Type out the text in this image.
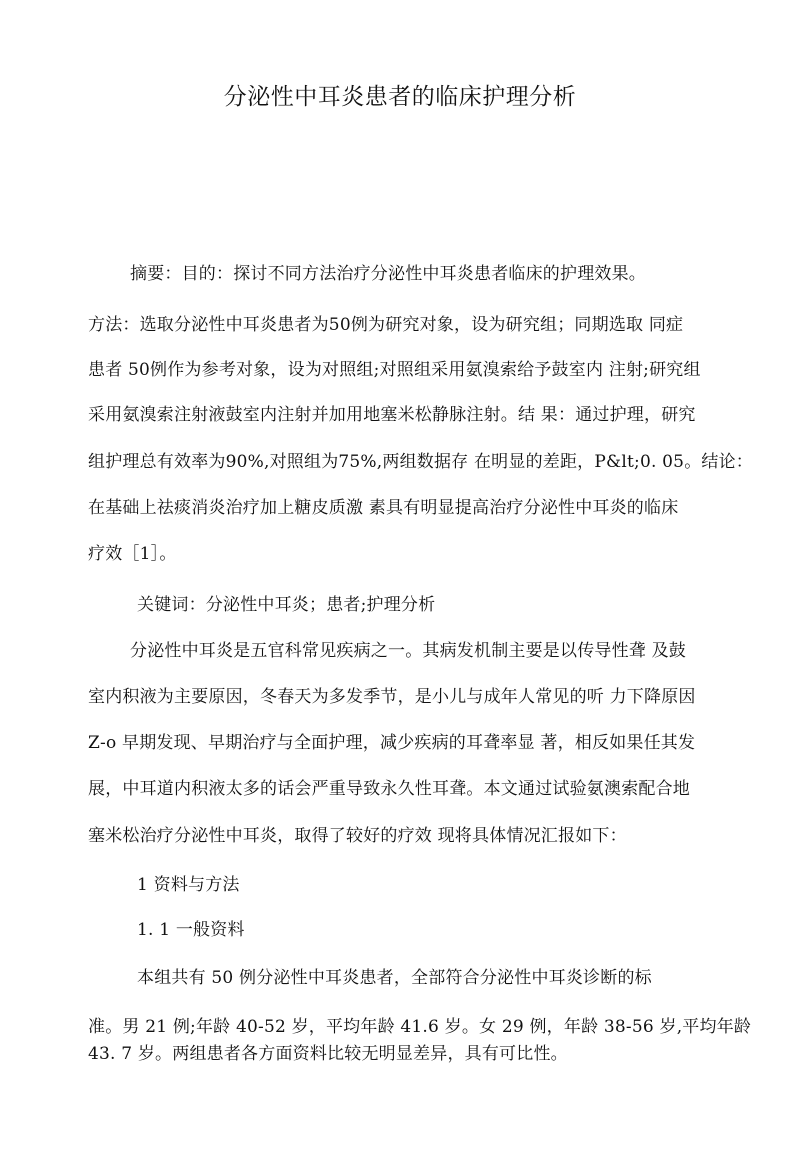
分泌性中耳炎患者的临床护理分析
摘要：目的：探讨不同方法治疗分泌性中耳炎患者临床的护理效果。
方法：选取分泌性中耳炎患者为50例为研究对象，设为研究组；同期选取 同症
患者 50例作为参考对象，设为对照组;对照组采用氨溴索给予鼓室内 注射;研究组
采用氨溴索注射液鼓室内注射并加用地塞米松静脉注射。结 果：通过护理，研究
组护理总有效率为90%,对照组为75%,两组数据存 在明显的差距，P&lt;0. 05。结论：
在基础上祛痰消炎治疗加上糖皮质激 素具有明显提高治疗分泌性中耳炎的临床
疗效［1］。
关键词：分泌性中耳炎；患者;护理分析
分泌性中耳炎是五官科常见疾病之一。其病发机制主要是以传导性聋 及鼓
室内积液为主要原因，冬春天为多发季节，是小儿与成年人常见的听 力下降原因
Z-o 早期发现、早期治疗与全面护理，减少疾病的耳聋率显 著，相反如果任其发
展，中耳道内积液太多的话会严重导致永久性耳聋。本文通过试验氨澳索配合地
塞米松治疗分泌性中耳炎，取得了较好的疗效 现将具体情况汇报如下：
1 资料与方法
1. 1 一般资料
本组共有 50 例分泌性中耳炎患者，全部符合分泌性中耳炎诊断的标
准。男 21 例;年龄 40-52 岁，平均年龄 41.6 岁。女 29 例，年龄 38-56 岁,平均年龄
43. 7 岁。两组患者各方面资料比较无明显差异，具有可比性。
